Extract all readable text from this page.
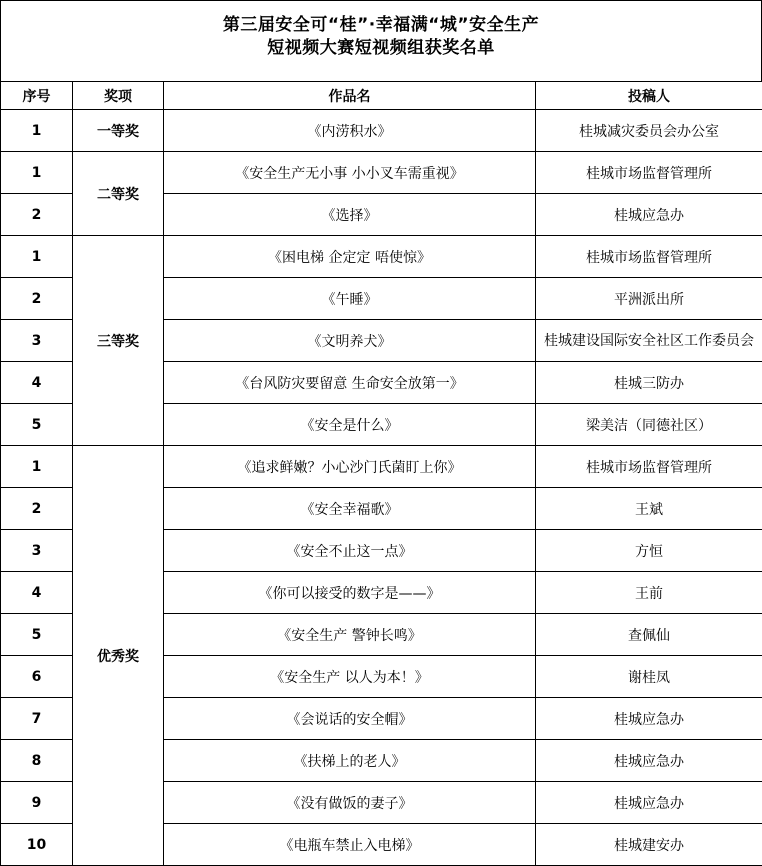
第三届安全可“桂”·幸福满“城”安全生产
短视频大赛短视频组获奖名单
序号	奖项	作品名	投稿人
1	一等奖	《内涝积水》	桂城减灾委员会办公室
1	二等奖	《安全生产无小事 小小叉车需重视》	桂城市场监督管理所
2		《选择》	桂城应急办
1	三等奖	《困电梯 企定定 唔使惊》	桂城市场监督管理所
2		《午睡》	平洲派出所
3		《文明养犬》	桂城建设国际安全社区工作委员会
4		《台风防灾要留意 生命安全放第一》	桂城三防办
5		《安全是什么》	梁美洁（同德社区）
1	优秀奖	《追求鲜嫩？小心沙门氏菌盯上你》	桂城市场监督管理所
2		《安全幸福歌》	王斌
3		《安全不止这一点》	方恒
4		《你可以接受的数字是——》	王前
5		《安全生产 警钟长鸣》	查佩仙
6		《安全生产 以人为本！》	谢桂凤
7		《会说话的安全帽》	桂城应急办
8		《扶梯上的老人》	桂城应急办
9		《没有做饭的妻子》	桂城应急办
10		《电瓶车禁止入电梯》	桂城建安办
